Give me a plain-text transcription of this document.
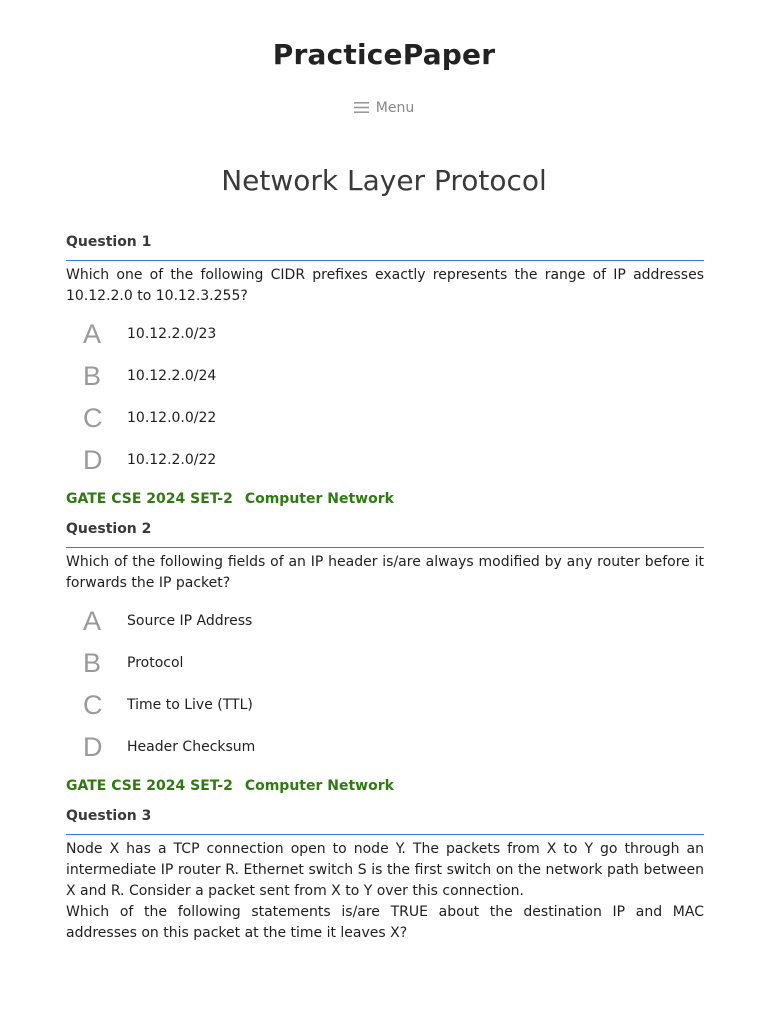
PracticePaper
Menu
Network Layer Protocol
Question 1

Which one of the following CIDR prefixes exactly represents the range of IP addresses 10.12.2.0 to 10.12.3.255?

A 10.12.2.0/23
B 10.12.2.0/24
C 10.12.0.0/22
D 10.12.2.0/22
GATE CSE 2024 SET-2 Computer Network
Question 2

Which of the following fields of an IP header is/are always modified by any router before it forwards the IP packet?

A Source IP Address
B Protocol
C Time to Live (TTL)
D Header Checksum
GATE CSE 2024 SET-2 Computer Network
Question 3

Node X has a TCP connection open to node Y. The packets from X to Y go through an intermediate IP router R. Ethernet switch S is the first switch on the network path between X and R. Consider a packet sent from X to Y over this connection.

Which of the following statements is/are TRUE about the destination IP and MAC addresses on this packet at the time it leaves X?
